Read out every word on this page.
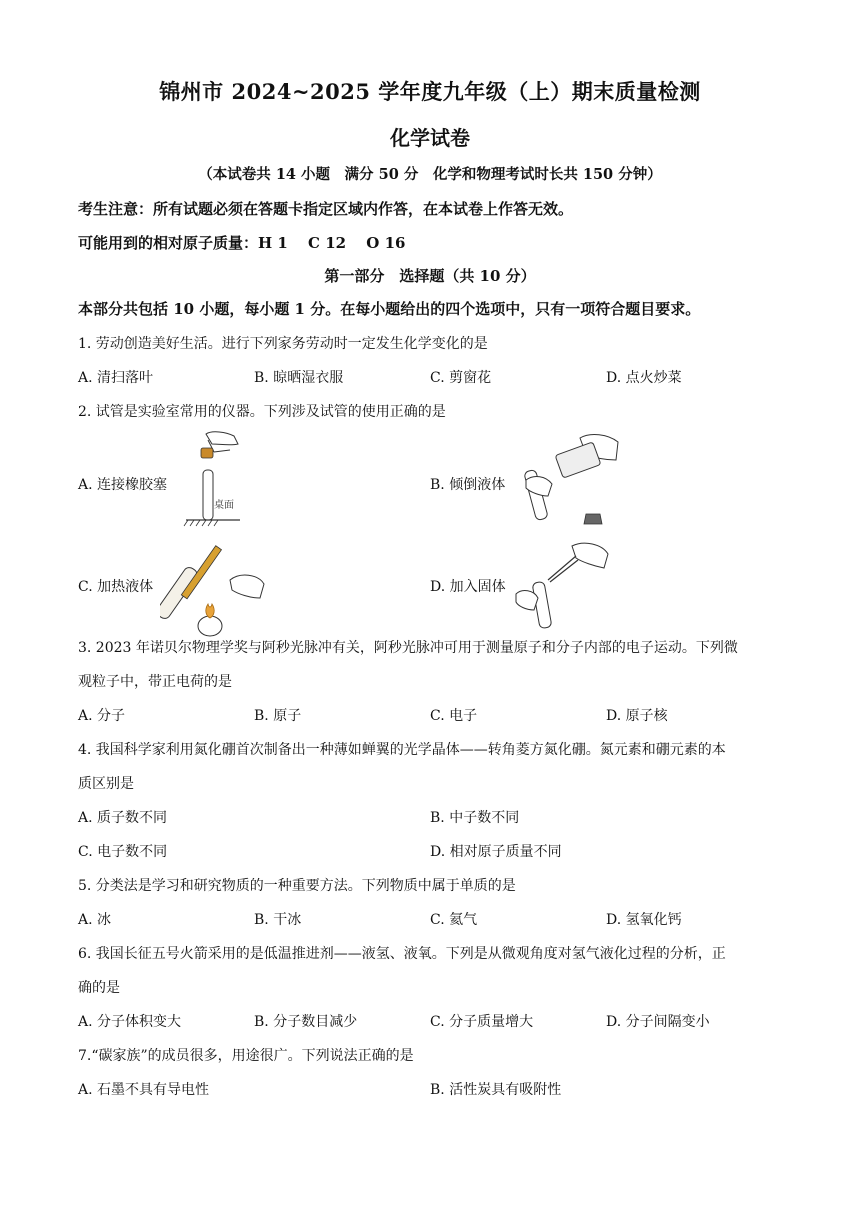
锦州市 2024~2025 学年度九年级（上）期末质量检测
化学试卷
（本试卷共 14 小题　满分 50 分　化学和物理考试时长共 150 分钟）
考生注意：所有试题必须在答题卡指定区域内作答，在本试卷上作答无效。
可能用到的相对原子质量：H 1　 C 12　 O 16
第一部分　选择题（共 10 分）
本部分共包括 10 小题，每小题 1 分。在每小题给出的四个选项中，只有一项符合题目要求。
1. 劳动创造美好生活。进行下列家务劳动时一定发生化学变化的是
A. 清扫落叶	B. 晾晒湿衣服	C. 剪窗花	D. 点火炒菜
2. 试管是实验室常用的仪器。下列涉及试管的使用正确的是
A. 连接橡胶塞	B. 倾倒液体
C. 加热液体	D. 加入固体
桌面
3. 2023 年诺贝尔物理学奖与阿秒光脉冲有关，阿秒光脉冲可用于测量原子和分子内部的电子运动。下列微
观粒子中，带正电荷的是
A. 分子	B. 原子	C. 电子	D. 原子核
4. 我国科学家利用氮化硼首次制备出一种薄如蝉翼的光学晶体——转角菱方氮化硼。氮元素和硼元素的本
质区别是
A. 质子数不同	B. 中子数不同
C. 电子数不同	D. 相对原子质量不同
5. 分类法是学习和研究物质的一种重要方法。下列物质中属于单质的是
A. 冰	B. 干冰	C. 氦气	D. 氢氧化钙
6. 我国长征五号火箭采用的是低温推进剂——液氢、液氧。下列是从微观角度对氢气液化过程的分析，正
确的是
A. 分子体积变大	B. 分子数目减少	C. 分子质量增大	D. 分子间隔变小
7.“碳家族”的成员很多，用途很广。下列说法正确的是
A. 石墨不具有导电性	B. 活性炭具有吸附性
